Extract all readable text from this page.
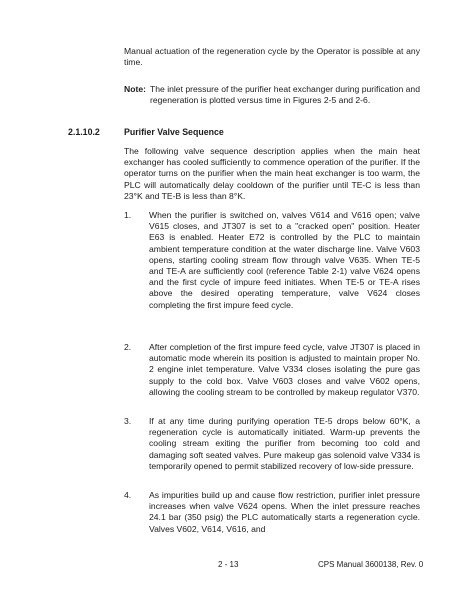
Manual actuation of the regeneration cycle by the Operator is possible at any time.
Note: The inlet pressure of the purifier heat exchanger during purification and regeneration is plotted versus time in Figures 2-5 and 2-6.
2.1.10.2	Purifier Valve Sequence
The following valve sequence description applies when the main heat exchanger has cooled sufficiently to commence operation of the purifier. If the operator turns on the purifier when the main heat exchanger is too warm, the PLC will automatically delay cooldown of the purifier until TE-C is less than 23°K and TE-B is less than 8°K.
1. When the purifier is switched on, valves V614 and V616 open; valve V615 closes, and JT307 is set to a "cracked open" position. Heater E63 is enabled. Heater E72 is controlled by the PLC to maintain ambient temperature condition at the water discharge line. Valve V603 opens, starting cooling stream flow through valve V635. When TE-5 and TE-A are sufficiently cool (reference Table 2-1) valve V624 opens and the first cycle of impure feed initiates. When TE-5 or TE-A rises above the desired operating temperature, valve V624 closes completing the first impure feed cycle.
2. After completion of the first impure feed cycle, valve JT307 is placed in automatic mode wherein its position is adjusted to maintain proper No. 2 engine inlet temperature. Valve V334 closes isolating the pure gas supply to the cold box. Valve V603 closes and valve V602 opens, allowing the cooling stream to be controlled by makeup regulator V370.
3. If at any time during purifying operation TE-5 drops below 60°K, a regeneration cycle is automatically initiated. Warm-up prevents the cooling stream exiting the purifier from becoming too cold and damaging soft seated valves. Pure makeup gas solenoid valve V334 is temporarily opened to permit stabilized recovery of low-side pressure.
4. As impurities build up and cause flow restriction, purifier inlet pressure increases when valve V624 opens. When the inlet pressure reaches 24.1 bar (350 psig) the PLC automatically starts a regeneration cycle. Valves V602, V614, V616, and
2 - 13	CPS Manual 3600138, Rev. 0
